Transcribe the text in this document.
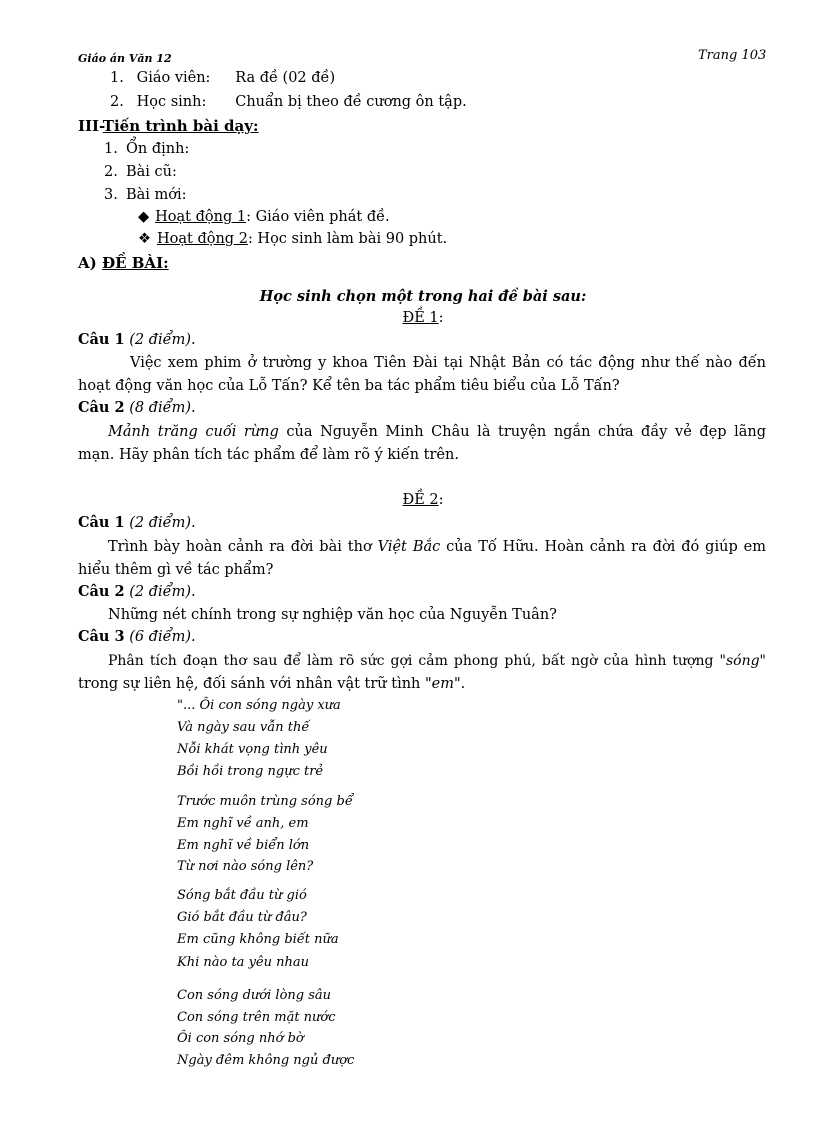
Giáo án Văn 12	Trang 103
1. Giáo viên: Ra đề (02 đề)
2. Học sinh: Chuẩn bị theo đề cương ôn tập.
III-Tiến trình bài dạy:
1. Ổn định:
2. Bài cũ:
3. Bài mới:
◆ Hoạt động 1: Giáo viên phát đề.
❖ Hoạt động 2: Học sinh làm bài 90 phút.
A) ĐỀ BÀI:
Học sinh chọn một trong hai đề bài sau:
ĐỀ 1:
Câu 1 (2 điểm).
Việc xem phim ở trường y khoa Tiên Đài tại Nhật Bản có tác động như thế nào đến
hoạt động văn học của Lỗ Tấn? Kể tên ba tác phẩm tiêu biểu của Lỗ Tấn?
Câu 2 (8 điểm).
Mảnh trăng cuối rừng của Nguyễn Minh Châu là truyện ngắn chứa đầy vẻ đẹp lãng
mạn. Hãy phân tích tác phẩm để làm rõ ý kiến trên.
ĐỀ 2:
Câu 1 (2 điểm).
Trình bày hoàn cảnh ra đời bài thơ Việt Bắc của Tố Hữu. Hoàn cảnh ra đời đó giúp em
hiểu thêm gì về tác phẩm?
Câu 2 (2 điểm).
Những nét chính trong sự nghiệp văn học của Nguyễn Tuân?
Câu 3 (6 điểm).
Phân tích đoạn thơ sau để làm rõ sức gợi cảm phong phú, bất ngờ của hình tượng "sóng"
trong sự liên hệ, đối sánh với nhân vật trữ tình "em".
"... Ôi con sóng ngày xưa
Và ngày sau vẫn thế
Nỗi khát vọng tình yêu
Bồi hồi trong ngực trẻ
Trước muôn trùng sóng bể
Em nghĩ về anh, em
Em nghĩ về biển lớn
Từ nơi nào sóng lên?
Sóng bắt đầu từ gió
Gió bắt đầu từ đâu?
Em cũng không biết nữa
Khi nào ta yêu nhau
Con sóng dưới lòng sâu
Con sóng trên mặt nước
Ôi con sóng nhớ bờ
Ngày đêm không ngủ được
